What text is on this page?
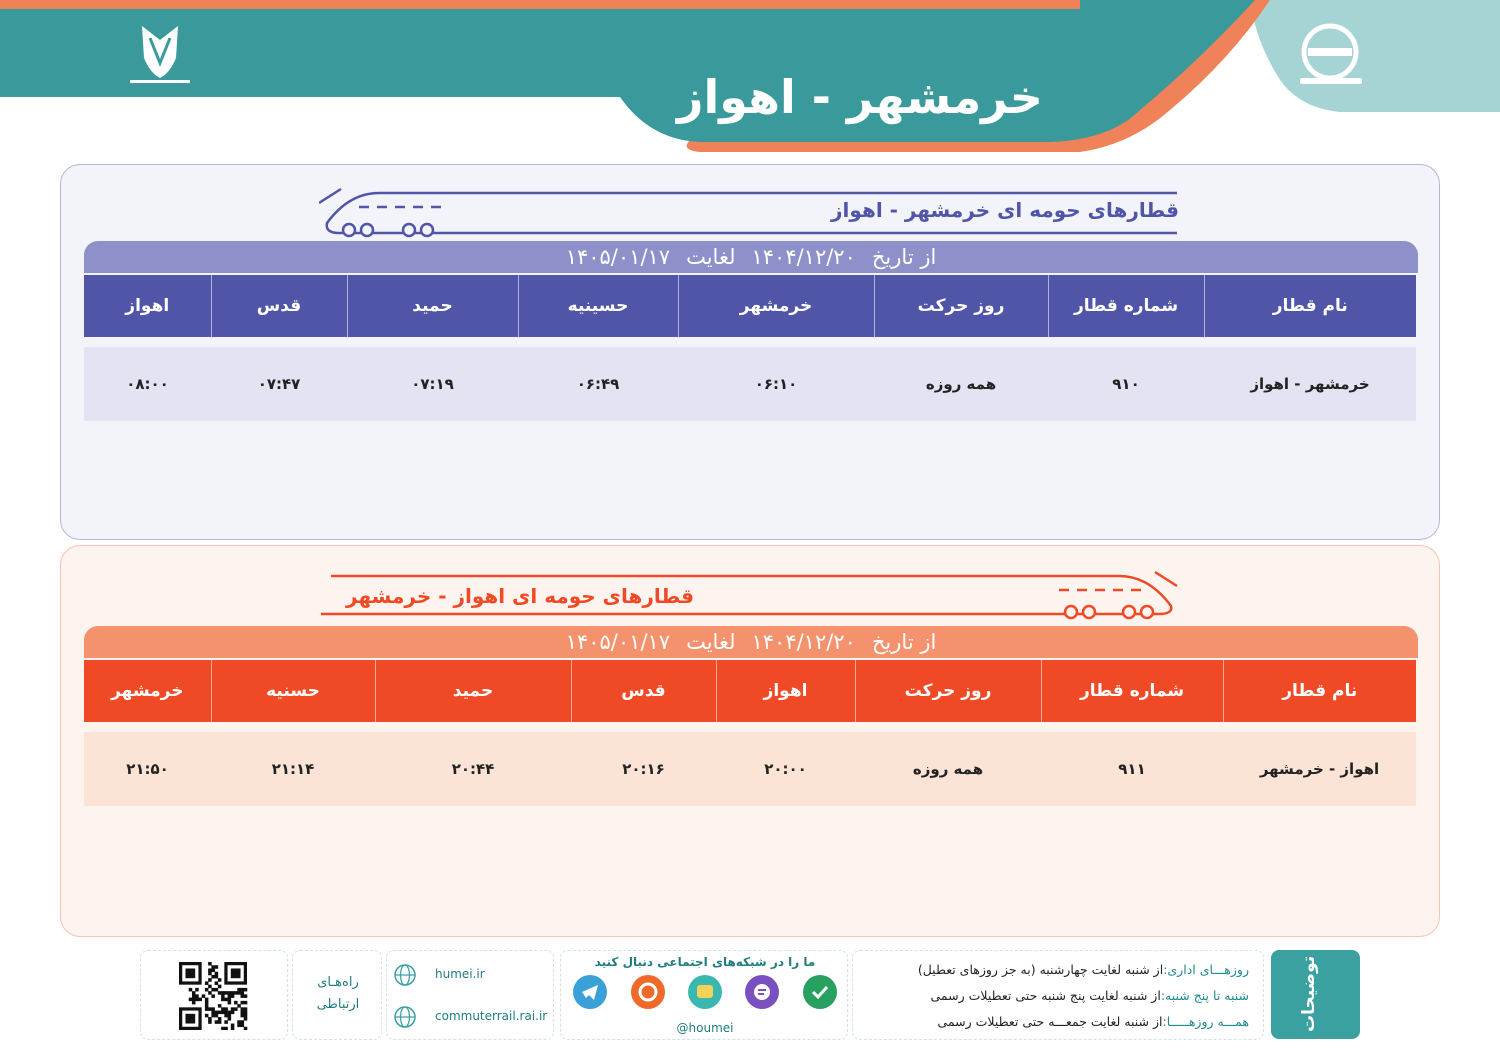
خرمشهر - اهواز
قطارهای حومه ای خرمشهر - اهواز
از تاریخ۱۴۰۴/۱۲/۲۰لغایت۱۴۰۵/۰۱/۱۷
نام قطار	شماره قطار	روز حرکت	خرمشهر	حسینیه	حمید	قدس	اهواز

خرمشهر - اهواز	۹۱۰	همه روزه	۰۶:۱۰	۰۶:۴۹	۰۷:۱۹	۰۷:۴۷	۰۸:۰۰
قطارهای حومه ای اهواز - خرمشهر
از تاریخ۱۴۰۴/۱۲/۲۰لغایت۱۴۰۵/۰۱/۱۷
نام قطار	شماره قطار	روز حرکت	اهواز	قدس	حمید	حسنیه	خرمشهر

اهواز - خرمشهر	۹۱۱	همه روزه	۲۰:۰۰	۲۰:۱۶	۲۰:۴۴	۲۱:۱۴	۲۱:۵۰
توضیحات
روزهـــای اداری:از شنبه لغایت چهارشنبه (به جز روزهای تعطیل)
شنبه تا پنج شنبه:از شنبه لغایت پنج شنبه حتی تعطیلات رسمی
همـــه روزهـــــا:از شنبه لغایت جمعـــه حتی تعطیلات رسمی
ما را در شبکه‌های اجتماعی دنبال کنید
@houmei
humei.ir
commuterrail.rai.ir
راه‌هـای
ارتباطی
